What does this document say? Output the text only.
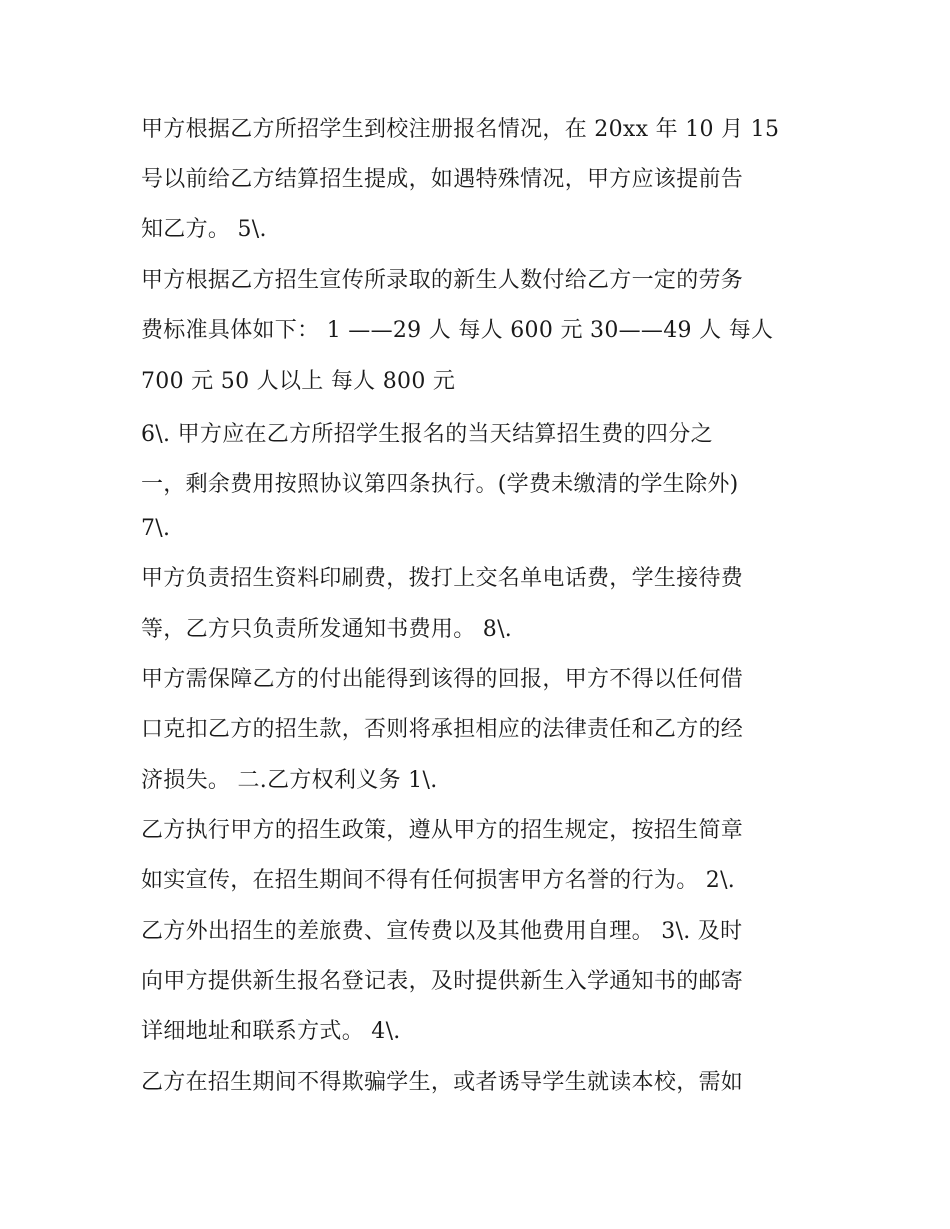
甲方根据乙方所招学生到校注册报名情况，在 20xx 年 10 月 15
号以前给乙方结算招生提成，如遇特殊情况，甲方应该提前告
知乙方。 5\.
甲方根据乙方招生宣传所录取的新生人数付给乙方一定的劳务
费标准具体如下： 1 ——29 人 每人 600 元 30——49 人 每人
700 元 50 人以上 每人 800 元
6\. 甲方应在乙方所招学生报名的当天结算招生费的四分之
一，剩余费用按照协议第四条执行。(学费未缴清的学生除外)
7\.
甲方负责招生资料印刷费，拨打上交名单电话费，学生接待费
等，乙方只负责所发通知书费用。 8\.
甲方需保障乙方的付出能得到该得的回报，甲方不得以任何借
口克扣乙方的招生款，否则将承担相应的法律责任和乙方的经
济损失。 二.乙方权利义务 1\.
乙方执行甲方的招生政策，遵从甲方的招生规定，按招生简章
如实宣传，在招生期间不得有任何损害甲方名誉的行为。 2\.
乙方外出招生的差旅费、宣传费以及其他费用自理。 3\. 及时
向甲方提供新生报名登记表，及时提供新生入学通知书的邮寄
详细地址和联系方式。 4\.
乙方在招生期间不得欺骗学生，或者诱导学生就读本校，需如
